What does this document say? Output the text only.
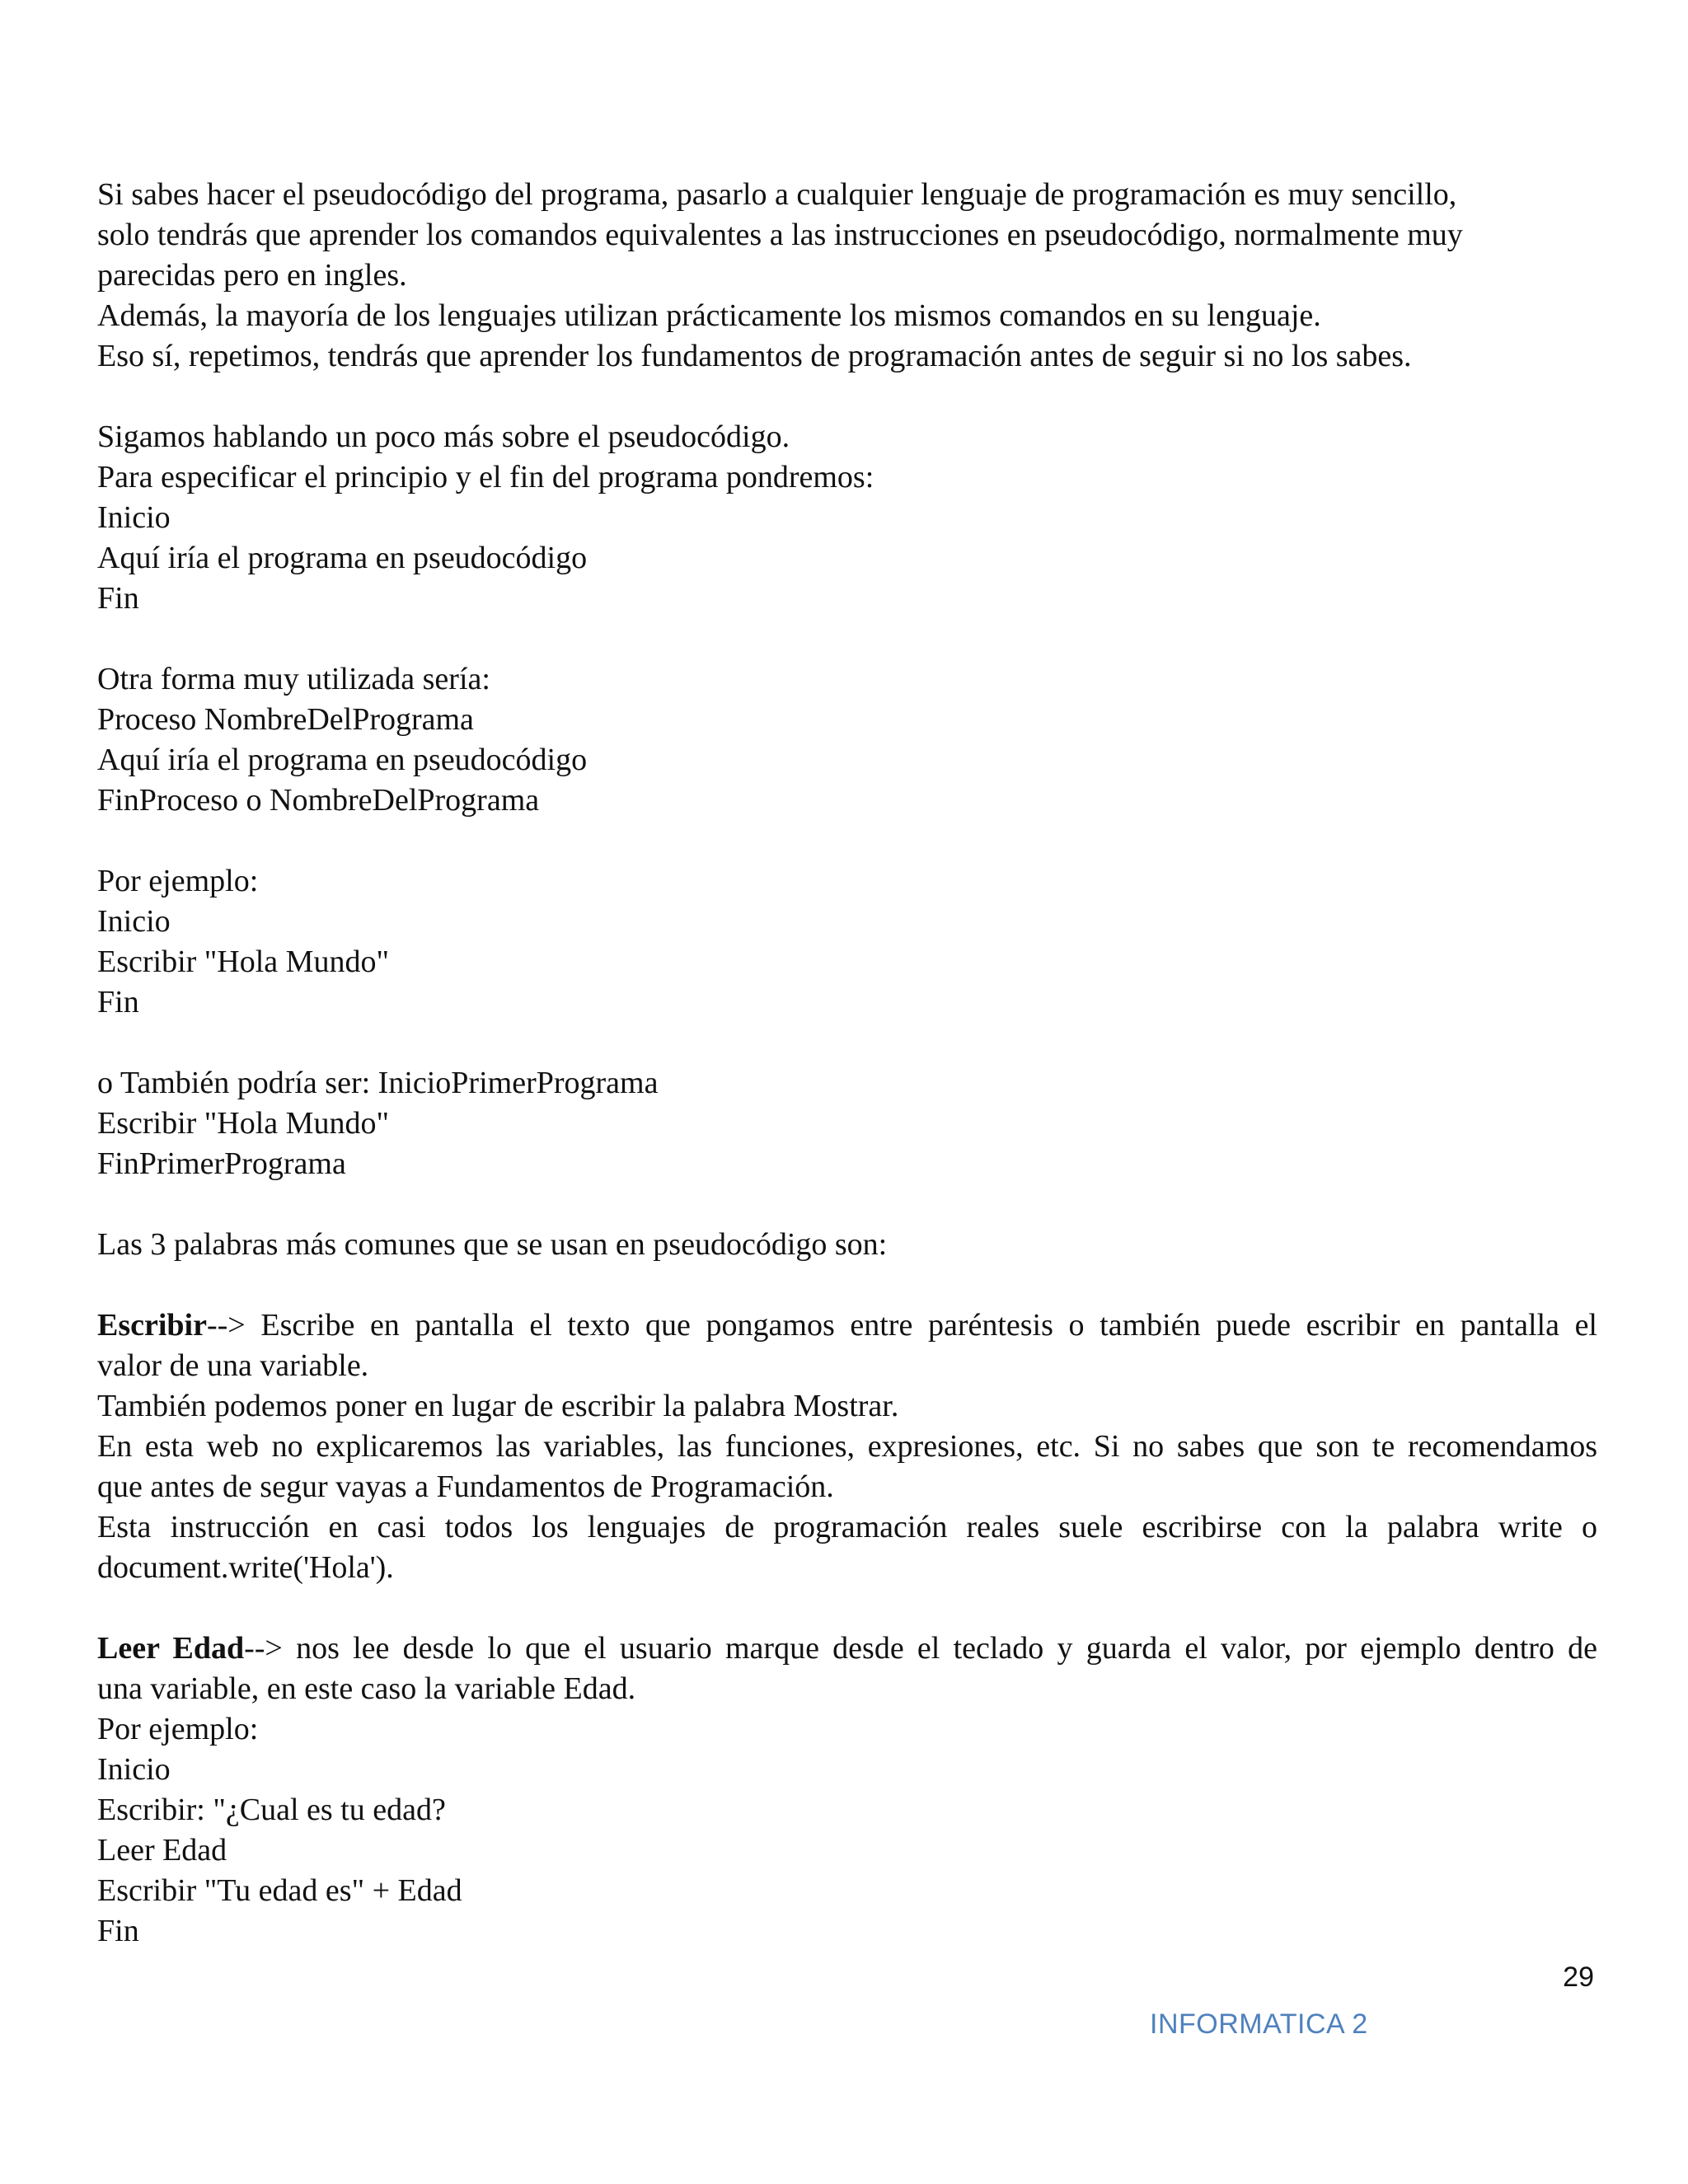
Si sabes hacer el pseudocódigo del programa, pasarlo a cualquier lenguaje de programación es muy sencillo,

solo tendrás que aprender los comandos equivalentes a las instrucciones en pseudocódigo, normalmente muy

parecidas pero en ingles.

Además, la mayoría de los lenguajes utilizan prácticamente los mismos comandos en su lenguaje.

Eso sí, repetimos, tendrás que aprender los fundamentos de programación antes de seguir si no los sabes.

Sigamos hablando un poco más sobre el pseudocódigo.

Para especificar el principio y el fin del programa pondremos:

Inicio

Aquí iría el programa en pseudocódigo

Fin

Otra forma muy utilizada sería:

Proceso NombreDelPrograma

Aquí iría el programa en pseudocódigo

FinProceso o NombreDelPrograma

Por ejemplo:

Inicio

Escribir "Hola Mundo"

Fin

o También podría ser: InicioPrimerPrograma

Escribir "Hola Mundo"

FinPrimerPrograma

Las 3 palabras más comunes que se usan en pseudocódigo son:

Escribir--> Escribe en pantalla el texto que pongamos entre paréntesis o también puede escribir en pantalla el

valor de una variable.

También podemos poner en lugar de escribir la palabra Mostrar.

En esta web no explicaremos las variables, las funciones, expresiones, etc. Si no sabes que son te recomendamos

que antes de segur vayas a Fundamentos de Programación.

Esta instrucción en casi todos los lenguajes de programación reales suele escribirse con la palabra write o

document.write('Hola').

Leer Edad--> nos lee desde lo que el usuario marque desde el teclado y guarda el valor, por ejemplo dentro de

una variable, en este caso la variable Edad.

Por ejemplo:

Inicio

Escribir: "¿Cual es tu edad?

Leer Edad

Escribir "Tu edad es" + Edad

Fin

29
INFORMATICA 2
